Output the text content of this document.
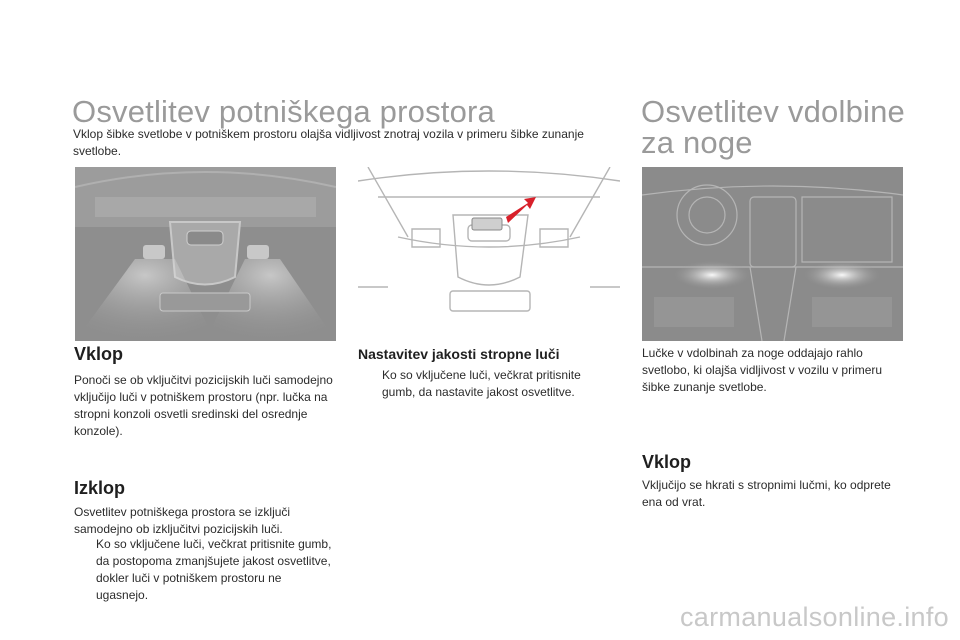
Osvetlitev potniškega prostora
Vklop šibke svetlobe v potniškem prostoru olajša vidljivost znotraj vozila v primeru šibke zunanje svetlobe.
Osvetlitev vdolbine
za noge
Vklop
Ponoči se ob vključitvi pozicijskih luči samodejno vključijo luči v potniškem prostoru (npr. lučka na stropni konzoli osvetli sredinski del osrednje konzole).
Izklop
Osvetlitev potniškega prostora se izključi samodejno ob izključitvi pozicijskih luči.
Ko so vključene luči, večkrat pritisnite gumb, da postopoma zmanjšujete jakost osvetlitve, dokler luči v potniškem prostoru ne ugasnejo.
Nastavitev jakosti stropne luči
Ko so vključene luči, večkrat pritisnite gumb, da nastavite jakost osvetlitve.
Lučke v vdolbinah za noge oddajajo rahlo svetlobo, ki olajša vidljivost v vozilu v primeru šibke zunanje svetlobe.
Vklop
Vključijo se hkrati s stropnimi lučmi, ko odprete ena od vrat.
carmanualsonline.info
